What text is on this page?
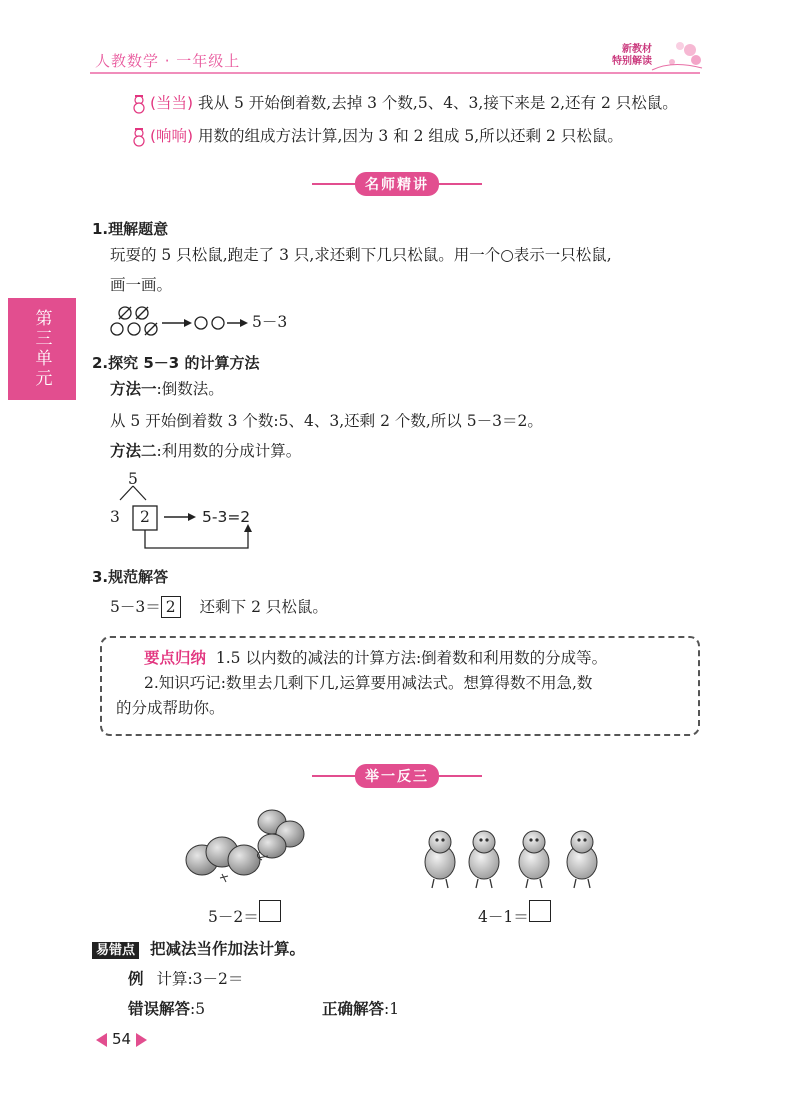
人教数学 · 一年级上
新教材
特别解读
第三单元
(当当) 我从 5 开始倒着数,去掉 3 个数,5、4、3,接下来是 2,还有 2 只松鼠。
(响响) 用数的组成方法计算,因为 3 和 2 组成 5,所以还剩 2 只松鼠。
名师精讲
1.理解题意
玩耍的 5 只松鼠,跑走了 3 只,求还剩下几只松鼠。用一个○表示一只松鼠,
画一画。
5－3
2.探究 5－3 的计算方法
方法一:倒数法。
从 5 开始倒着数 3 个数:5、4、3,还剩 2 个数,所以 5－3＝2。
方法二:利用数的分成计算。
5
3 2	5-3=2
3.规范解答
5－3＝ 2 还剩下 2 只松鼠。
要点归纳 1.5 以内数的减法的计算方法:倒着数和利用数的分成等。
2.知识巧记:数里去几剩下几,运算要用减法式。想算得数不用急,数
的分成帮助你。
举一反三
5－2＝	4－1＝
易错点 把减法当作加法计算。
例 计算:3－2＝
错误解答:5	正确解答:1
54
